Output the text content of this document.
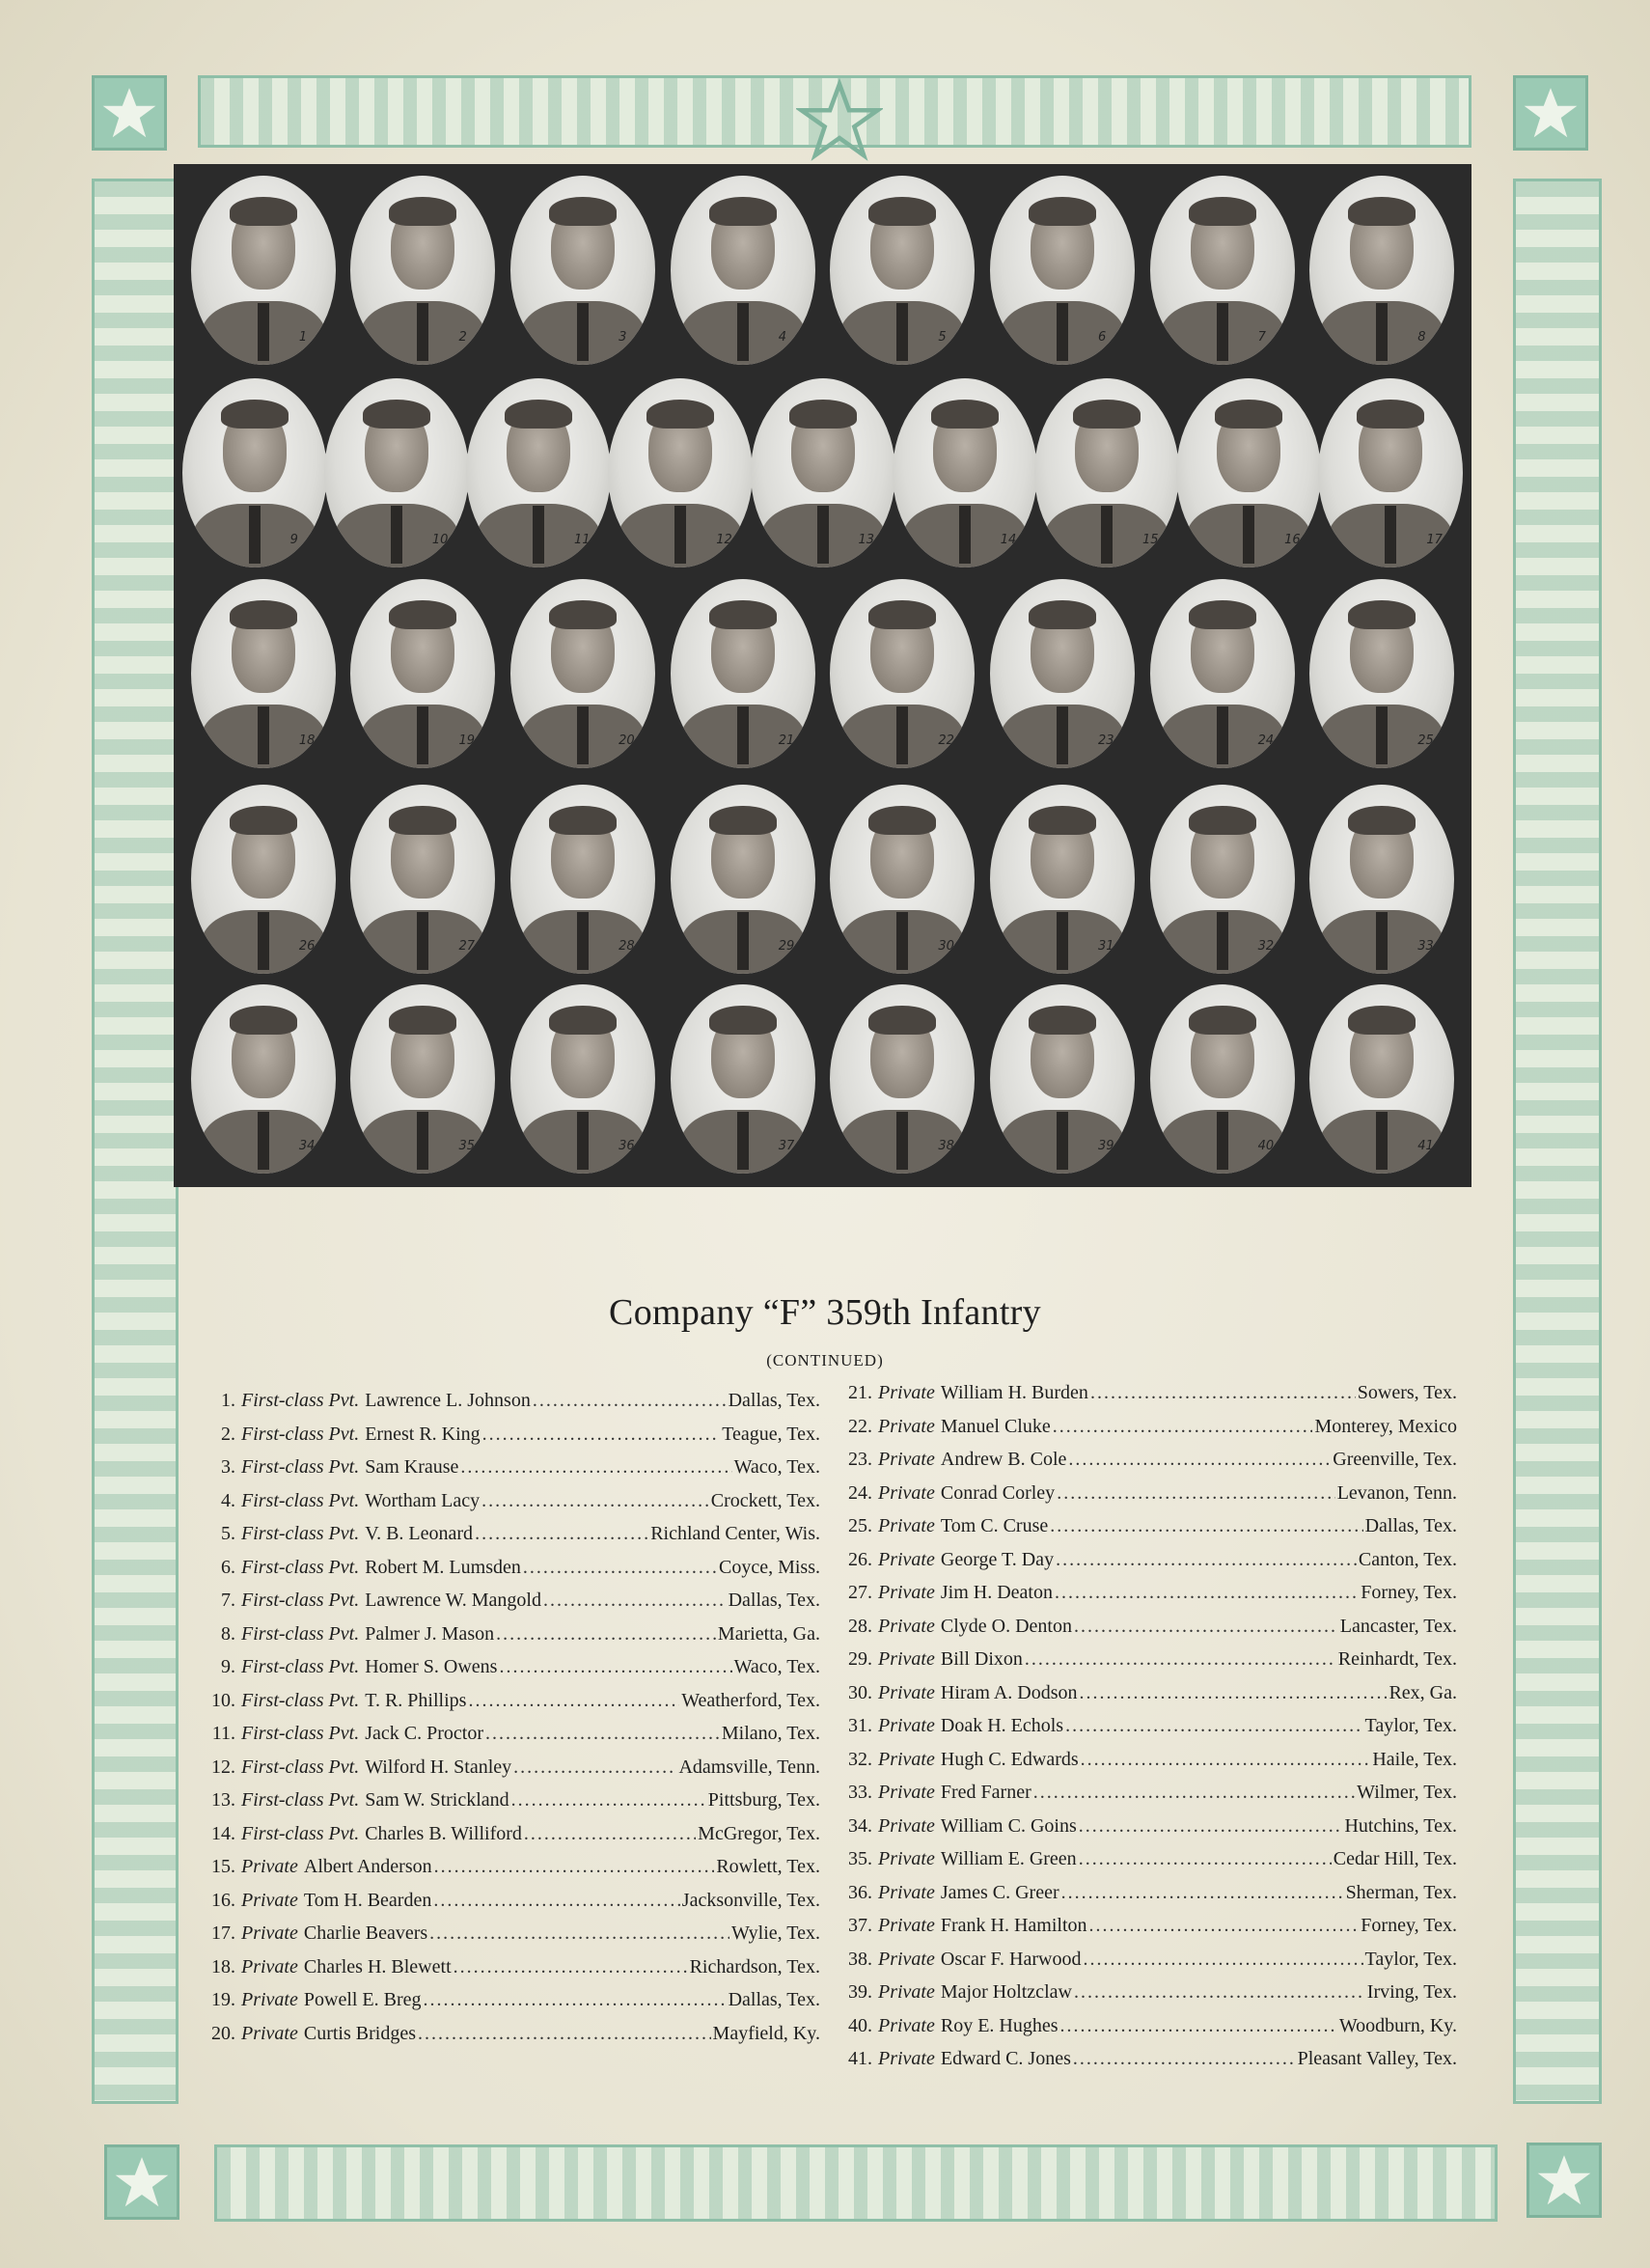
1	2	3	4	5	6	7	8
9	10	11	12	13	14	15	16	17
18	19	20	21	22	23	24	25
26	27	28	29	30	31	32	33
34	35	36	37	38	39	40	41
Company “F” 359th Infantry
(CONTINUED)
1. First-class Pvt. Lawrence L. Johnson .....	Dallas, Tex.
2. First-class Pvt. Ernest R. King .....	Teague, Tex.
3. First-class Pvt. Sam Krause .....	Waco, Tex.
4. First-class Pvt. Wortham Lacy .....	Crockett, Tex.
5. First-class Pvt. V. B. Leonard .....	Richland Center, Wis.
6. First-class Pvt. Robert M. Lumsden .....	Coyce, Miss.
7. First-class Pvt. Lawrence W. Mangold .....	Dallas, Tex.
8. First-class Pvt. Palmer J. Mason .....	Marietta, Ga.
9. First-class Pvt. Homer S. Owens .....	Waco, Tex.
10. First-class Pvt. T. R. Phillips .....	Weatherford, Tex.
11. First-class Pvt. Jack C. Proctor .....	Milano, Tex.
12. First-class Pvt. Wilford H. Stanley .....	Adamsville, Tenn.
13. First-class Pvt. Sam W. Strickland .....	Pittsburg, Tex.
14. First-class Pvt. Charles B. Williford .....	McGregor, Tex.
15. Private Albert Anderson .....	Rowlett, Tex.
16. Private Tom H. Bearden .....	Jacksonville, Tex.
17. Private Charlie Beavers .....	Wylie, Tex.
18. Private Charles H. Blewett .....	Richardson, Tex.
19. Private Powell E. Breg .....	Dallas, Tex.
20. Private Curtis Bridges .....	Mayfield, Ky.
21. Private William H. Burden .....	Sowers, Tex.
22. Private Manuel Cluke .....	Monterey, Mexico
23. Private Andrew B. Cole .....	Greenville, Tex.
24. Private Conrad Corley .....	Levanon, Tenn.
25. Private Tom C. Cruse .....	Dallas, Tex.
26. Private George T. Day .....	Canton, Tex.
27. Private Jim H. Deaton .....	Forney, Tex.
28. Private Clyde O. Denton .....	Lancaster, Tex.
29. Private Bill Dixon .....	Reinhardt, Tex.
30. Private Hiram A. Dodson .....	Rex, Ga.
31. Private Doak H. Echols .....	Taylor, Tex.
32. Private Hugh C. Edwards .....	Haile, Tex.
33. Private Fred Farner .....	Wilmer, Tex.
34. Private William C. Goins .....	Hutchins, Tex.
35. Private William E. Green .....	Cedar Hill, Tex.
36. Private James C. Greer .....	Sherman, Tex.
37. Private Frank H. Hamilton .....	Forney, Tex.
38. Private Oscar F. Harwood .....	Taylor, Tex.
39. Private Major Holtzclaw .....	Irving, Tex.
40. Private Roy E. Hughes .....	Woodburn, Ky.
41. Private Edward C. Jones .....	Pleasant Valley, Tex.
